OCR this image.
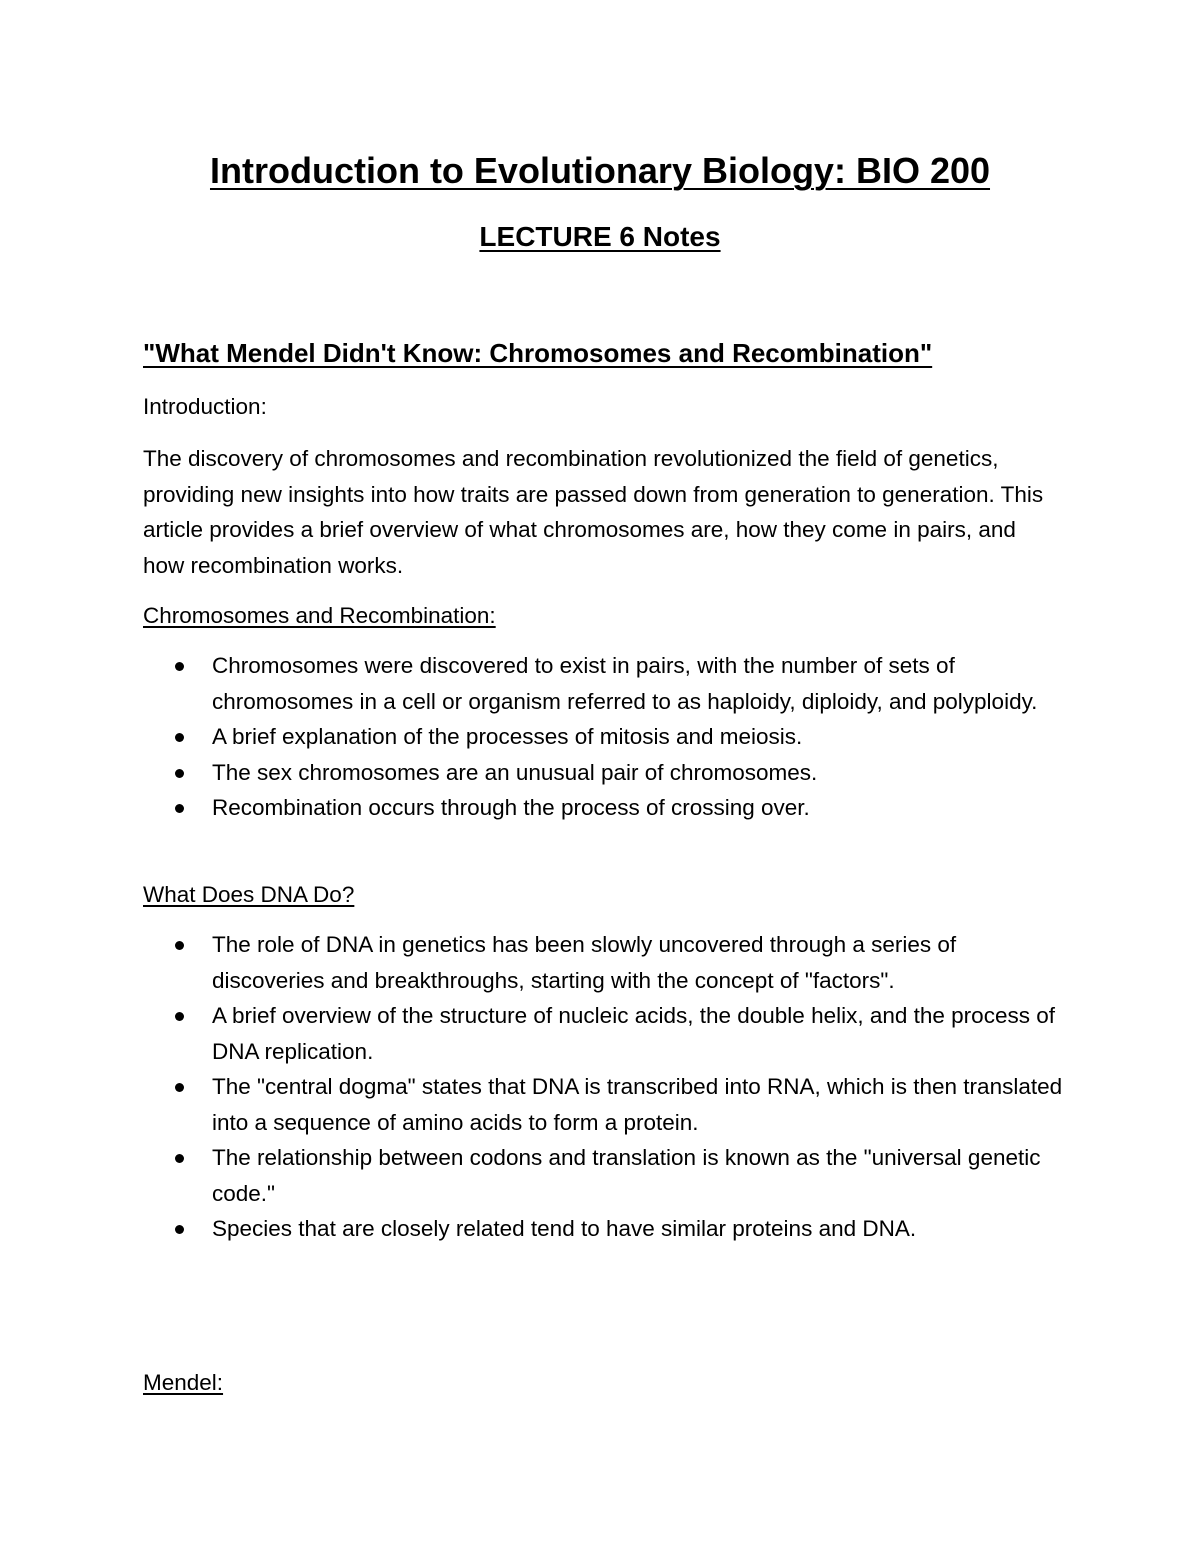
Introduction to Evolutionary Biology: BIO 200
LECTURE 6 Notes
"What Mendel Didn't Know: Chromosomes and Recombination"
Introduction:
The discovery of chromosomes and recombination revolutionized the field of genetics, providing new insights into how traits are passed down from generation to generation. This article provides a brief overview of what chromosomes are, how they come in pairs, and how recombination works.
Chromosomes and Recombination:
Chromosomes were discovered to exist in pairs, with the number of sets of chromosomes in a cell or organism referred to as haploidy, diploidy, and polyploidy.
A brief explanation of the processes of mitosis and meiosis.
The sex chromosomes are an unusual pair of chromosomes.
Recombination occurs through the process of crossing over.
What Does DNA Do?
The role of DNA in genetics has been slowly uncovered through a series of discoveries and breakthroughs, starting with the concept of "factors".
A brief overview of the structure of nucleic acids, the double helix, and the process of DNA replication.
The "central dogma" states that DNA is transcribed into RNA, which is then translated into a sequence of amino acids to form a protein.
The relationship between codons and translation is known as the "universal genetic code."
Species that are closely related tend to have similar proteins and DNA.
Mendel:
